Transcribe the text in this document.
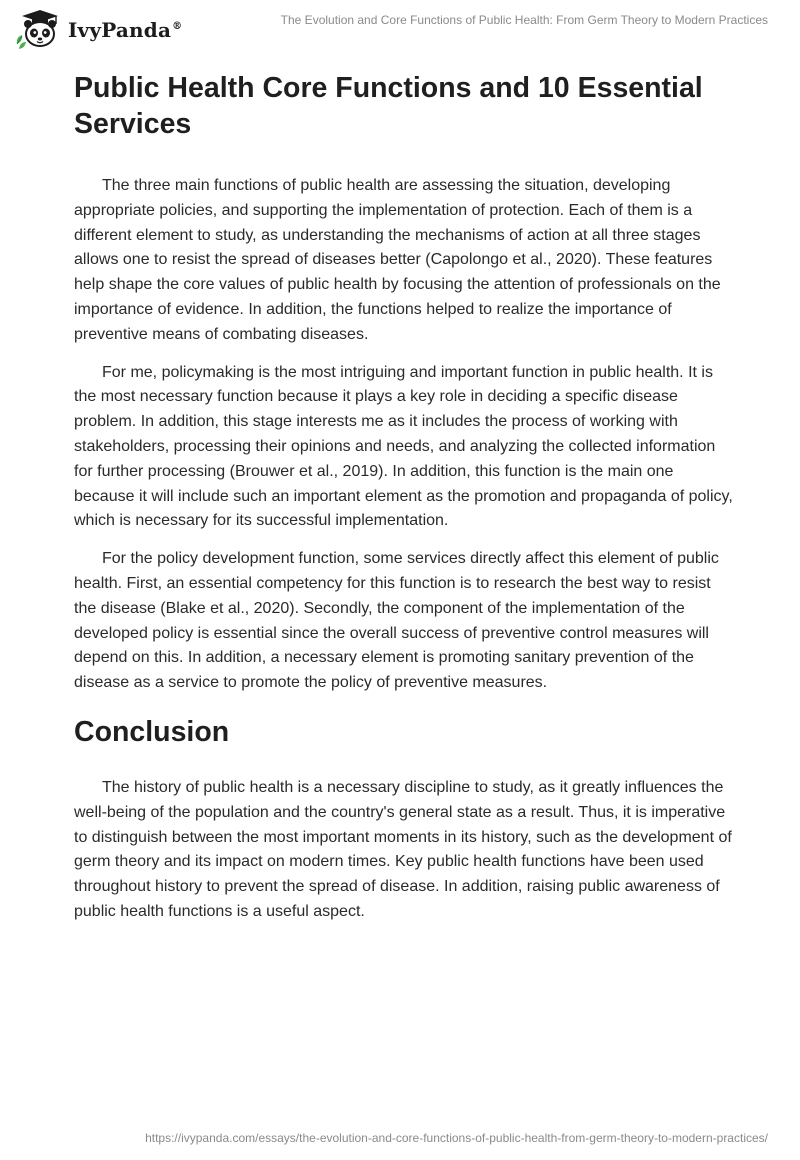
IvyPanda®	The Evolution and Core Functions of Public Health: From Germ Theory to Modern Practices
Public Health Core Functions and 10 Essential Services

The three main functions of public health are assessing the situation, developing appropriate policies, and supporting the implementation of protection. Each of them is a different element to study, as understanding the mechanisms of action at all three stages allows one to resist the spread of diseases better (Capolongo et al., 2020). These features help shape the core values of public health by focusing the attention of professionals on the importance of evidence. In addition, the functions helped to realize the importance of preventive means of combating diseases.

For me, policymaking is the most intriguing and important function in public health. It is the most necessary function because it plays a key role in deciding a specific disease problem. In addition, this stage interests me as it includes the process of working with stakeholders, processing their opinions and needs, and analyzing the collected information for further processing (Brouwer et al., 2019). In addition, this function is the main one because it will include such an important element as the promotion and propaganda of policy, which is necessary for its successful implementation.

For the policy development function, some services directly affect this element of public health. First, an essential competency for this function is to research the best way to resist the disease (Blake et al., 2020). Secondly, the component of the implementation of the developed policy is essential since the overall success of preventive control measures will depend on this. In addition, a necessary element is promoting sanitary prevention of the disease as a service to promote the policy of preventive measures.

Conclusion

The history of public health is a necessary discipline to study, as it greatly influences the well-being of the population and the country's general state as a result. Thus, it is imperative to distinguish between the most important moments in its history, such as the development of germ theory and its impact on modern times. Key public health functions have been used throughout history to prevent the spread of disease. In addition, raising public awareness of public health functions is a useful aspect.

https://ivypanda.com/essays/the-evolution-and-core-functions-of-public-health-from-germ-theory-to-modern-practices/
